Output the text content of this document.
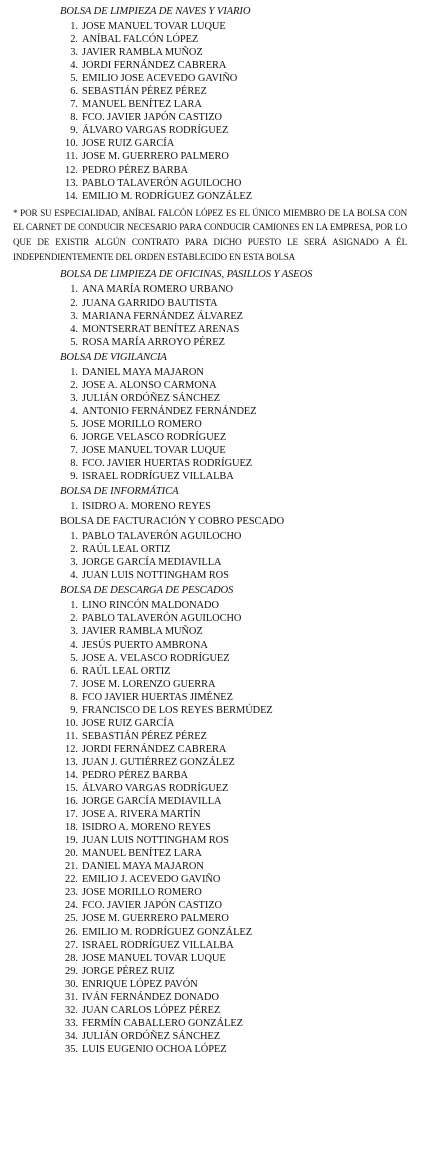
BOLSA DE LIMPIEZA DE NAVES Y VIARIO
1. JOSE MANUEL TOVAR LUQUE
2. ANÍBAL FALCÓN LÓPEZ
3. JAVIER RAMBLA MUÑOZ
4. JORDI FERNÁNDEZ CABRERA
5. EMILIO JOSE ACEVEDO GAVIÑO
6. SEBASTIÁN PÉREZ PÉREZ
7. MANUEL BENÍTEZ LARA
8. FCO. JAVIER JAPÓN CASTIZO
9. ÁLVARO VARGAS RODRÍGUEZ
10. JOSE RUIZ GARCÍA
11. JOSE M. GUERRERO PALMERO
12. PEDRO PÉREZ BARBA
13. PABLO TALAVERÓN AGUILOCHO
14. EMILIO M. RODRÍGUEZ GONZÁLEZ
* POR SU ESPECIALIDAD, ANÍBAL FALCÓN LÓPEZ ES EL ÚNICO MIEMBRO DE LA BOLSA CON EL CARNET DE CONDUCIR NECESARIO PARA CONDUCIR CAMIONES EN LA EMPRESA, POR LO QUE DE EXISTIR ALGÚN CONTRATO PARA DICHO PUESTO LE SERÁ ASIGNADO A ÉL INDEPENDIENTEMENTE DEL ORDEN ESTABLECIDO EN ESTA BOLSA
BOLSA DE LIMPIEZA DE OFICINAS, PASILLOS Y ASEOS
1. ANA MARÍA ROMERO URBANO
2. JUANA GARRIDO BAUTISTA
3. MARIANA FERNÁNDEZ ÁLVAREZ
4. MONTSERRAT BENÍTEZ ARENAS
5. ROSA MARÍA ARROYO PÉREZ
BOLSA DE VIGILANCIA
1. DANIEL MAYA MAJARON
2. JOSE A. ALONSO CARMONA
3. JULIÁN ORDÓÑEZ SÁNCHEZ
4. ANTONIO FERNÁNDEZ FERNÁNDEZ
5. JOSE MORILLO ROMERO
6. JORGE VELASCO RODRÍGUEZ
7. JOSE MANUEL TOVAR LUQUE
8. FCO. JAVIER HUERTAS RODRÍGUEZ
9. ISRAEL RODRÍGUEZ VILLALBA
BOLSA DE INFORMÁTICA
1. ISIDRO A. MORENO REYES
BOLSA DE FACTURACIÓN Y COBRO PESCADO
1. PABLO TALAVERÓN AGUILOCHO
2. RAÚL LEAL ORTIZ
3. JORGE GARCÍA MEDIAVILLA
4. JUAN LUIS NOTTINGHAM ROS
BOLSA DE DESCARGA DE PESCADOS
1. LINO RINCÓN MALDONADO
2. PABLO TALAVERÓN AGUILOCHO
3. JAVIER RAMBLA MUÑOZ
4. JESÚS PUERTO AMBRONA
5. JOSE A. VELASCO RODRÍGUEZ
6. RAÚL LEAL ORTIZ
7. JOSE M. LORENZO GUERRA
8. FCO JAVIER HUERTAS JIMÉNEZ
9. FRANCISCO DE LOS REYES BERMÚDEZ
10. JOSE RUIZ GARCÍA
11. SEBASTIÁN PÉREZ PÉREZ
12. JORDI FERNÁNDEZ CABRERA
13. JUAN J. GUTIÉRREZ GONZÁLEZ
14. PEDRO PÉREZ BARBA
15. ÁLVARO VARGAS RODRÍGUEZ
16. JORGE GARCÍA MEDIAVILLA
17. JOSE A. RIVERA MARTÍN
18. ISIDRO A. MORENO REYES
19. JUAN LUIS NOTTINGHAM ROS
20. MANUEL BENÍTEZ LARA
21. DANIEL MAYA MAJARON
22. EMILIO J. ACEVEDO GAVIÑO
23. JOSE MORILLO ROMERO
24. FCO. JAVIER JAPÓN CASTIZO
25. JOSE M. GUERRERO PALMERO
26. EMILIO M. RODRÍGUEZ GONZÁLEZ
27. ISRAEL RODRÍGUEZ VILLALBA
28. JOSE MANUEL TOVAR LUQUE
29. JORGE PÉREZ RUIZ
30. ENRIQUE LÓPEZ PAVÓN
31. IVÁN FERNÁNDEZ DONADO
32. JUAN CARLOS LÓPEZ PÉREZ
33. FERMÍN CABALLERO GONZÁLEZ
34. JULIÁN ORDÓÑEZ SÁNCHEZ
35. LUIS EUGENIO OCHOA LÓPEZ
